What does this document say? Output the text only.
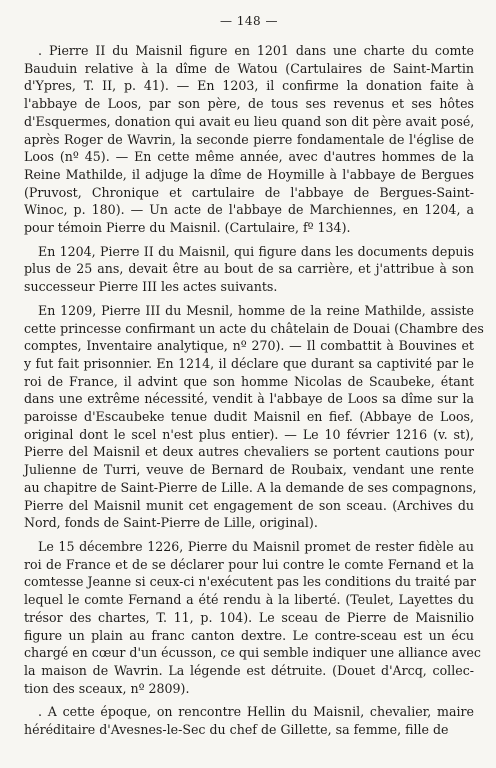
— 148 —
. Pierre II du Maisnil figure en 1201 dans une charte du comte
Bauduin relative à la dîme de Watou (Cartulaires de Saint-Martin
d'Ypres, T. II, p. 41). — En 1203, il confirme la donation faite à
l'abbaye de Loos, par son père, de tous ses revenus et ses hôtes
d'Esquermes, donation qui avait eu lieu quand son dit père avait posé,
après Roger de Wavrin, la seconde pierre fondamentale de l'église de
Loos (nº 45). — En cette même année, avec d'autres hommes de la
Reine Mathilde, il adjuge la dîme de Hoymille à l'abbaye de Bergues
(Pruvost, Chronique et cartulaire de l'abbaye de Bergues-Saint-
Winoc, p. 180). — Un acte de l'abbaye de Marchiennes, en 1204, a
pour témoin Pierre du Maisnil. (Cartulaire, fº 134).
En 1204, Pierre II du Maisnil, qui figure dans les documents depuis
plus de 25 ans, devait être au bout de sa carrière, et j'attribue à son
successeur Pierre III les actes suivants.
En 1209, Pierre III du Mesnil, homme de la reine Mathilde, assiste
cette princesse confirmant un acte du châtelain de Douai (Chambre des
comptes, Inventaire analytique, nº 270). — Il combattit à Bouvines et
y fut fait prisonnier. En 1214, il déclare que durant sa captivité par le
roi de France, il advint que son homme Nicolas de Scaubeke, étant
dans une extrême nécessité, vendit à l'abbaye de Loos sa dîme sur la
paroisse d'Escaubeke tenue dudit Maisnil en fief. (Abbaye de Loos,
original dont le scel n'est plus entier). — Le 10 février 1216 (v. st),
Pierre del Maisnil et deux autres chevaliers se portent cautions pour
Julienne de Turri, veuve de Bernard de Roubaix, vendant une rente
au chapitre de Saint-Pierre de Lille. A la demande de ses compagnons,
Pierre del Maisnil munit cet engagement de son sceau. (Archives du
Nord, fonds de Saint-Pierre de Lille, original).
Le 15 décembre 1226, Pierre du Maisnil promet de rester fidèle au
roi de France et de se déclarer pour lui contre le comte Fernand et la
comtesse Jeanne si ceux-ci n'exécutent pas les conditions du traité par
lequel le comte Fernand a été rendu à la liberté. (Teulet, Layettes du
trésor des chartes, T. 11, p. 104). Le sceau de Pierre de Maisnilio
figure un plain au franc canton dextre. Le contre-sceau est un écu
chargé en cœur d'un écusson, ce qui semble indiquer une alliance avec
la maison de Wavrin. La légende est détruite. (Douet d'Arcq, collec-
tion des sceaux, nº 2809).
. A cette époque, on rencontre Hellin du Maisnil, chevalier, maire
héréditaire d'Avesnes-le-Sec du chef de Gillette, sa femme, fille de
